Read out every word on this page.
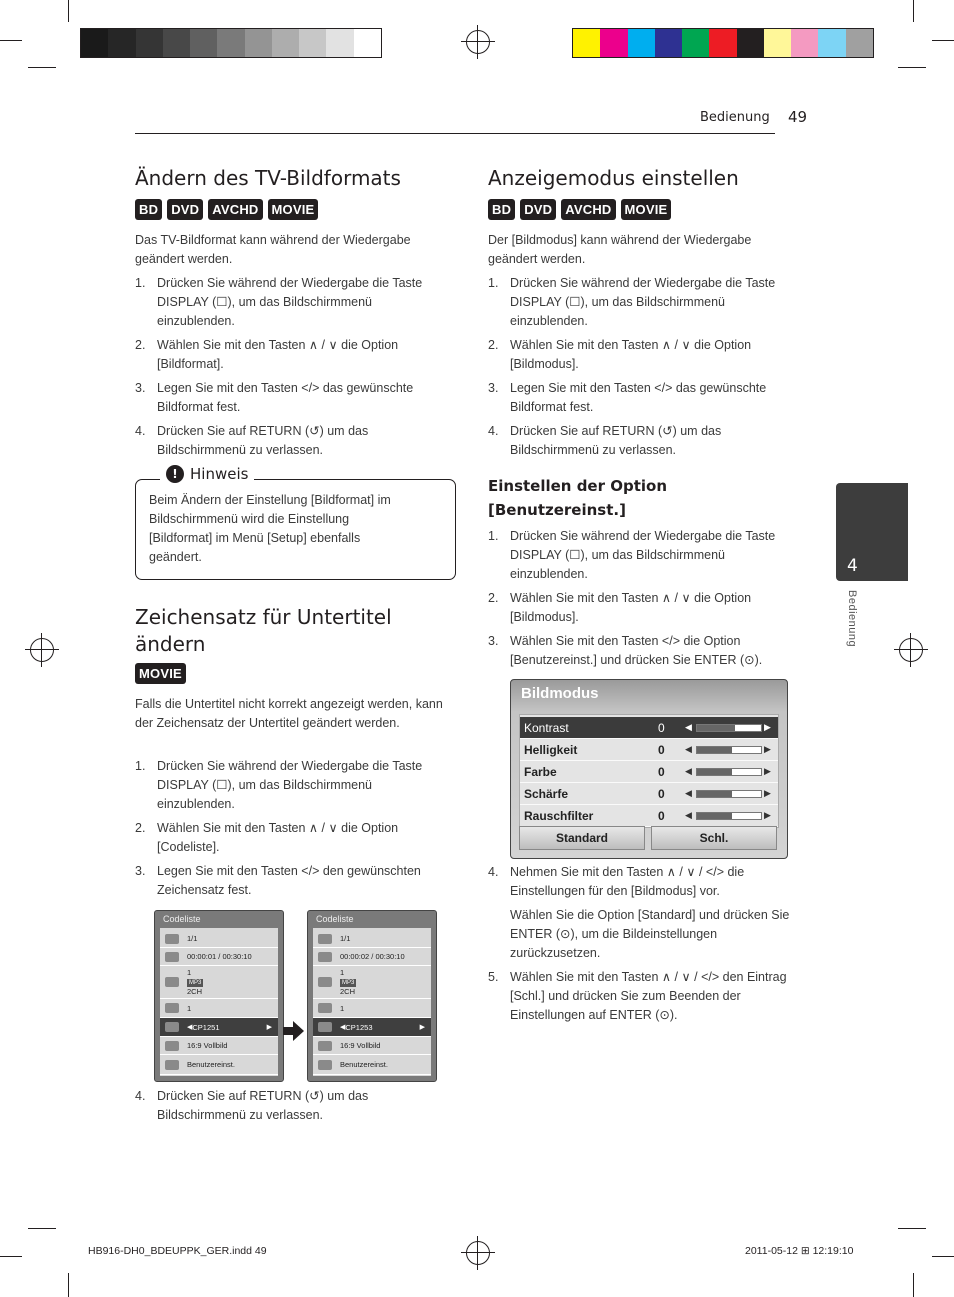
Bedienung 49
Ändern des TV-Bildformats
BD	DVD	AVCHD	MOVIE
Das TV-Bildformat kann während der Wiedergabe geändert werden.
1. Drücken Sie während der Wiedergabe die Taste DISPLAY (☐), um das Bildschirmmenü einzublenden.
2. Wählen Sie mit den Tasten ∧ / ∨ die Option [Bildformat].
3. Legen Sie mit den Tasten </> das gewünschte Bildformat fest.
4. Drücken Sie auf RETURN (↺) um das Bildschirmmenü zu verlassen.
! Hinweis
Beim Ändern der Einstellung [Bildformat] im Bildschirmmenü wird die Einstellung [Bildformat] im Menü [Setup] ebenfalls geändert.
Zeichensatz für Untertitel
ändern
MOVIE
Falls die Untertitel nicht korrekt angezeigt werden, kann der Zeichensatz der Untertitel geändert werden.
1. Drücken Sie während der Wiedergabe die Taste DISPLAY (☐), um das Bildschirmmenü einzublenden.
2. Wählen Sie mit den Tasten ∧ / ∨ die Option [Codeliste].
3. Legen Sie mit den Tasten </> den gewünschten Zeichensatz fest.
Codeliste
1/1
00:00:01 / 00:30:10
1
MP3
2CH
1
◀ CP1251	▶
16:9 Vollbild
Benutzereinst.
Codeliste
1/1
00:00:02 / 00:30:10
1
MP3
2CH
1
◀ CP1253	▶
16:9 Vollbild
Benutzereinst.
4. Drücken Sie auf RETURN (↺) um das Bildschirmmenü zu verlassen.
Anzeigemodus einstellen
BD	DVD	AVCHD	MOVIE
Der [Bildmodus] kann während der Wiedergabe geändert werden.
1. Drücken Sie während der Wiedergabe die Taste DISPLAY (☐), um das Bildschirmmenü einzublenden.
2. Wählen Sie mit den Tasten ∧ / ∨ die Option [Bildmodus].
3. Legen Sie mit den Tasten </> das gewünschte Bildformat fest.
4. Drücken Sie auf RETURN (↺) um das Bildschirmmenü zu verlassen.
Einstellen der Option
[Benutzereinst.]
1. Drücken Sie während der Wiedergabe die Taste DISPLAY (☐), um das Bildschirmmenü einzublenden.
2. Wählen Sie mit den Tasten ∧ / ∨ die Option [Bildmodus].
3. Wählen Sie mit den Tasten </> die Option [Benutzereinst.] und drücken Sie ENTER (⊙).
Bildmodus
Kontrast	0 ◀	▶
Helligkeit	0 ◀	▶
Farbe	0 ◀	▶
Schärfe	0 ◀	▶
Rauschfilter	0 ◀	▶
Standard	Schl.
4. Nehmen Sie mit den Tasten ∧ / ∨ / </> die Einstellungen für den [Bildmodus] vor.
Wählen Sie die Option [Standard] und drücken Sie ENTER (⊙), um die Bildeinstellungen zurückzusetzen.
5. Wählen Sie mit den Tasten ∧ / ∨ / </> den Eintrag [Schl.] und drücken Sie zum Beenden der Einstellungen auf ENTER (⊙).
4
Bedienung
HB916-DH0_BDEUPPK_GER.indd 49	2011-05-12 ⊞ 12:19:10
